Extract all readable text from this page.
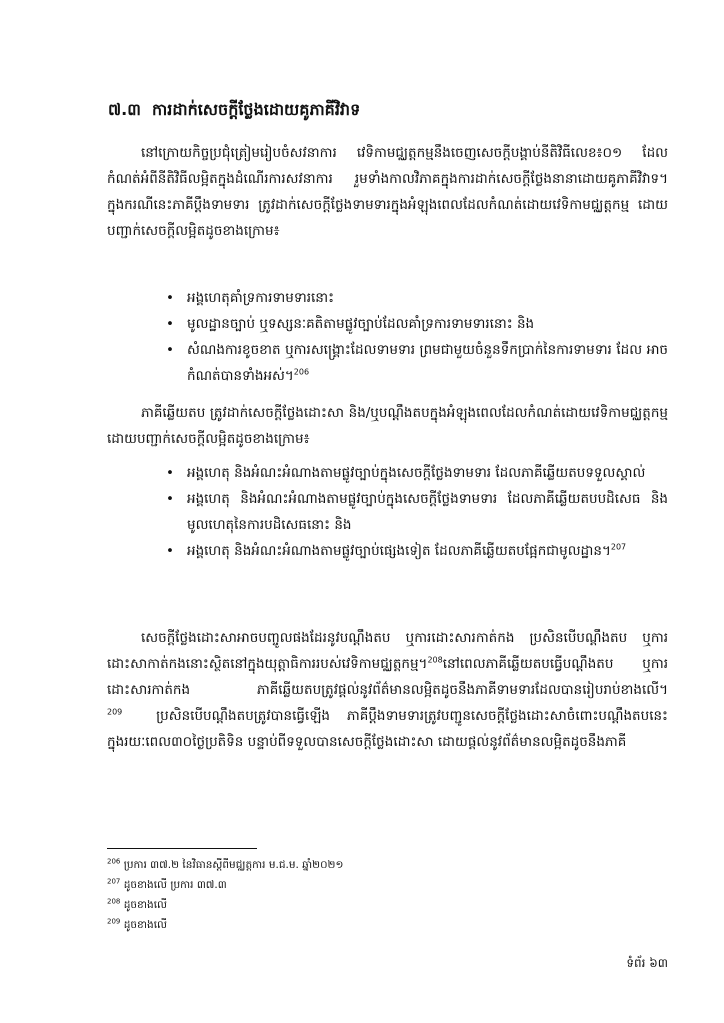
៧.៣ ការដាក់សេចក្ដីថ្លែងដោយគូភាគីវិវាទ
នៅក្រោយកិច្ចប្រជុំត្រៀមរៀបចំសវនាការ វេទិកាមជ្ឈត្តកម្មនឹងចេញសេចក្ដីបង្គាប់នីតិវិធីលេខ៖០១ ដែលកំណត់អំពីនីតិវិធីលម្អិតក្នុងដំណើរការសវនាការ រួមទាំងកាលវិភាគក្នុងការដាក់សេចក្ដីថ្លែងនានាដោយគូភាគីវិវាទ។ ក្នុងករណីនេះភាគីប្ដឹងទាមទារ ត្រូវដាក់សេចក្ដីថ្លែងទាមទារក្នុងអំឡុងពេលដែលកំណត់ដោយវេទិកាមជ្ឈត្តកម្ម ដោយបញ្ជាក់សេចក្ដីលម្អិតដូចខាងក្រោម៖
• អង្គហេតុគាំទ្រការទាមទារនោះ
• មូលដ្ឋានច្បាប់ ឬទស្សនៈគតិតាមផ្លូវច្បាប់ដែលគាំទ្រការទាមទារនោះ និង
• សំណងការខូចខាត ឬការសង្គ្រោះដែលទាមទារ ព្រមជាមួយចំនួនទឹកប្រាក់នៃការទាមទារ ដែល អាចកំណត់បានទាំងអស់។$^{206}$
ភាគីឆ្លើយតប ត្រូវដាក់សេចក្ដីថ្លែងដោះសា និង/ឬបណ្ដឹងតបក្នុងអំឡុងពេលដែលកំណត់ដោយវេទិកាមជ្ឈត្តកម្ម ដោយបញ្ជាក់សេចក្ដីលម្អិតដូចខាងក្រោម៖
• អង្គហេតុ និងអំណះអំណាងតាមផ្លូវច្បាប់ក្នុងសេចក្ដីថ្លែងទាមទារ ដែលភាគីឆ្លើយតបទទួលស្គាល់
• អង្គហេតុ និងអំណះអំណាងតាមផ្លូវច្បាប់ក្នុងសេចក្ដីថ្លែងទាមទារ ដែលភាគីឆ្លើយតបបដិសេធ និង មូលហេតុនៃការបដិសេធនោះ និង
• អង្គហេតុ និងអំណះអំណាងតាមផ្លូវច្បាប់ផ្សេងទៀត ដែលភាគីឆ្លើយតបផ្អែកជាមូលដ្ឋាន។$^{207}$
សេចក្ដីថ្លែងដោះសាអាចបញ្ចូលផងដែរនូវបណ្ដឹងតប ឬការដោះសារកាត់កង ប្រសិនបើបណ្ដឹងតប ឬការដោះសាកាត់កងនោះស្ថិតនៅក្នុងយុត្តាធិការរបស់វេទិកាមជ្ឈត្តកម្ម។$^{208}$នៅពេលភាគីឆ្លើយតបធ្វើបណ្ដឹងតប ឬការដោះសារកាត់កង ភាគីឆ្លើយតបត្រូវផ្ដល់នូវព័ត៌មានលម្អិតដូចនឹងភាគីទាមទារដែលបានរៀបរាប់ខាងលើ។$^{209}$	ប្រសិនបើបណ្ដឹងតបត្រូវបានធ្វើឡើង ភាគីប្ដឹងទាមទារត្រូវបញ្ជូនសេចក្ដីថ្លែងដោះសាចំពោះបណ្ដឹងតបនេះ ក្នុងរយៈពេល៣០ថ្ងៃប្រតិទិន បន្ទាប់ពីទទួលបានសេចក្ដីថ្លែងដោះសា ដោយផ្ដល់នូវព័ត៌មានលម្អិតដូចនឹងភាគី
$^{206}$ ប្រការ ៣៧.២ នៃវិធានស្ដីពីមជ្ឈត្តការ ម.ជ.ម. ឆ្នាំ២០២១
$^{207}$ ដូចខាងលើ ប្រការ ៣៧.៣
$^{208}$ ដូចខាងលើ
$^{209}$ ដូចខាងលើ
ទំព័រ ៦៣
